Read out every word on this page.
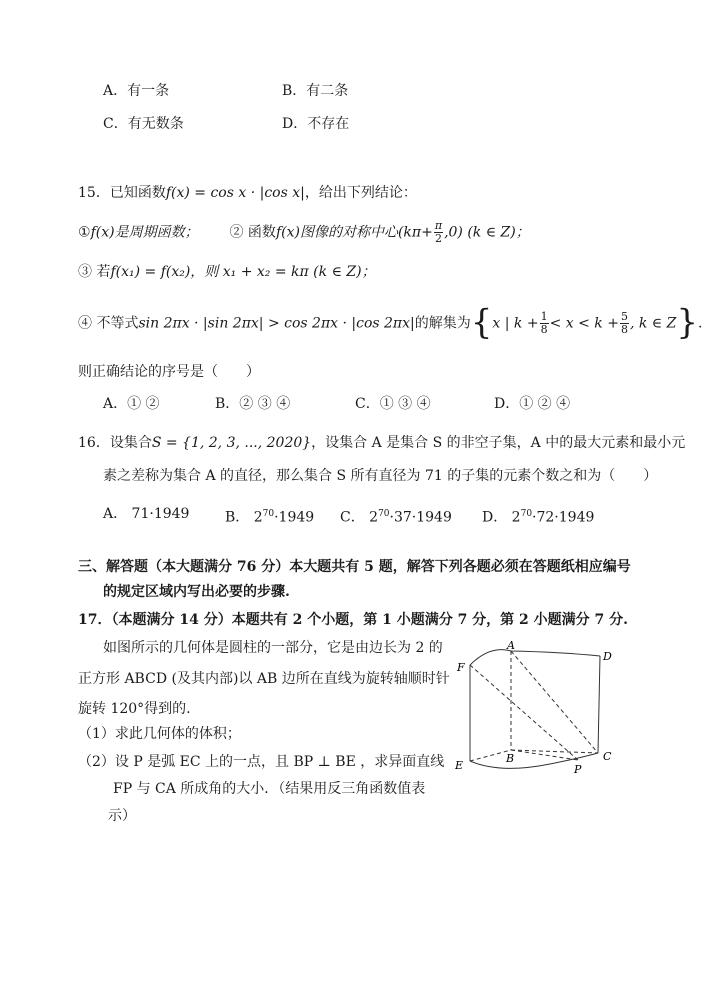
A．有一条	B．有二条
C．有无数条	D．不存在
15．已知函数f(x) = cos x · |cos x|，给出下列结论：
①f(x)是周期函数； ② 函数f(x)图像的对称中心$(k\pi+ \frac{\pi}{2} ,0)$ (k ∈ Z)；
③ 若f(x₁) = f(x₂)，则 x₁ + x₂ = kπ (k ∈ Z)；
④ 不等式sin 2πx · |sin 2πx| > cos 2πx · |cos 2πx|的解集为{x | $k + \frac{1}{8} < x < k + \frac{5}{8}$ , k ∈ Z}.
则正确结论的序号是（　　）
A．① ②	B．② ③ ④	C．① ③ ④	D．① ② ④
16．设集合S = {1, 2, 3, ..., 2020}，设集合 A 是集合 S 的非空子集，A 中的最大元素和最小元
素之差称为集合 A 的直径，那么集合 S 所有直径为 71 的子集的元素个数之和为（　　）
A． 71·1949	B． $2^{70}\cdot 1949$ C． $2^{70}\cdot 37\cdot 1949$ D． $2^{70}\cdot 72\cdot 1949$
三、解答题（本大题满分 76 分）本大题共有 5 题，解答下列各题必须在答题纸相应编号
的规定区域内写出必要的步骤.
17．（本题满分 14 分）本题共有 2 个小题，第 1 小题满分 7 分，第 2 小题满分 7 分.
如图所示的几何体是圆柱的一部分，它是由边长为 2 的
正方形 ABCD (及其内部)以 AB 边所在直线为旋转轴顺时针
旋转 120°得到的.
（1）求此几何体的体积；
（2）设 P 是弧 EC 上的一点，且 BP ⊥ BE ，求异面直线
FP 与 CA 所成角的大小．（结果用反三角函数值表
示）
A
D
F
B	C
P
E
